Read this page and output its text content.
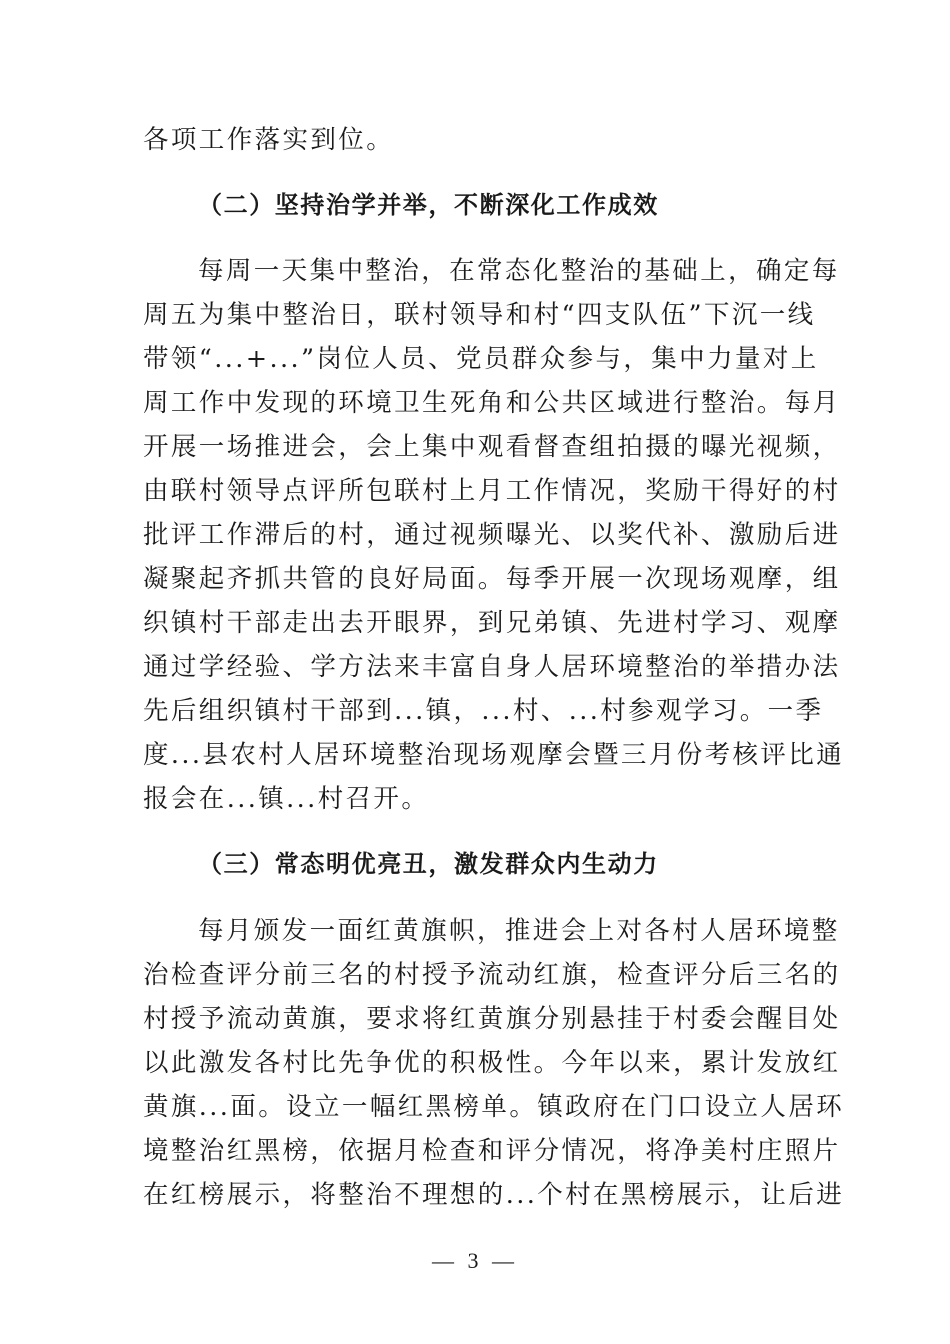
各项工作落实到位。
（二）坚持治学并举，不断深化工作成效
每周一天集中整治，在常态化整治的基础上，确定每
周五为集中整治日，联村领导和村“四支队伍”下沉一线
带领“...+...”岗位人员、党员群众参与，集中力量对上
周工作中发现的环境卫生死角和公共区域进行整治。每月
开展一场推进会，会上集中观看督查组拍摄的曝光视频，
由联村领导点评所包联村上月工作情况，奖励干得好的村
批评工作滞后的村，通过视频曝光、以奖代补、激励后进
凝聚起齐抓共管的良好局面。每季开展一次现场观摩，组
织镇村干部走出去开眼界，到兄弟镇、先进村学习、观摩
通过学经验、学方法来丰富自身人居环境整治的举措办法
先后组织镇村干部到...镇，...村、...村参观学习。一季
度...县农村人居环境整治现场观摩会暨三月份考核评比通
报会在...镇...村召开。
（三）常态明优亮丑，激发群众内生动力
每月颁发一面红黄旗帜，推进会上对各村人居环境整
治检查评分前三名的村授予流动红旗，检查评分后三名的
村授予流动黄旗，要求将红黄旗分别悬挂于村委会醒目处
以此激发各村比先争优的积极性。今年以来，累计发放红
黄旗...面。设立一幅红黑榜单。镇政府在门口设立人居环
境整治红黑榜，依据月检查和评分情况，将净美村庄照片
在红榜展示，将整治不理想的...个村在黑榜展示，让后进
— 3 —
